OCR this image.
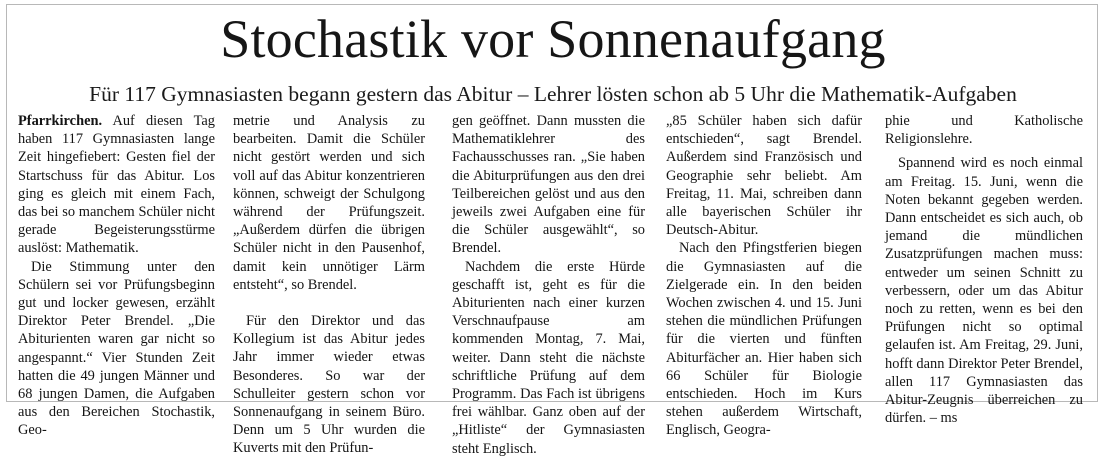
Stochastik vor Sonnenaufgang
Für 117 Gymnasiasten begann gestern das Abitur – Lehrer lösten schon ab 5 Uhr die Mathematik-Aufgaben

Pfarrkirchen. Auf diesen Tag haben 117 Gymnasiasten lange Zeit hingefiebert: Gesten fiel der Startschuss für das Abitur. Los ging es gleich mit einem Fach, das bei so manchem Schüler nicht gerade Begeisterungsstürme auslöst: Mathematik.

Die Stimmung unter den Schülern sei vor Prüfungsbeginn gut und locker gewesen, erzählt Direktor Peter Brendel. „Die Abiturienten waren gar nicht so angespannt.“ Vier Stunden Zeit hatten die 49 jungen Männer und 68 jungen Damen, die Aufgaben aus den Bereichen Stochastik, Geo-

metrie und Analysis zu bearbeiten. Damit die Schüler nicht gestört werden und sich voll auf das Abitur konzentrieren können, schweigt der Schulgong während der Prüfungszeit. „Außerdem dürfen die übrigen Schüler nicht in den Pausenhof, damit kein unnötiger Lärm entsteht“, so Brendel.

Für den Direktor und das Kollegium ist das Abitur jedes Jahr immer wieder etwas Besonderes. So war der Schulleiter gestern schon vor Sonnenaufgang in seinem Büro. Denn um 5 Uhr wurden die Kuverts mit den Prüfun-

gen geöffnet. Dann mussten die Mathematiklehrer des Fachausschusses ran. „Sie haben die Abiturprüfungen aus den drei Teilbereichen gelöst und aus den jeweils zwei Aufgaben eine für die Schüler ausgewählt“, so Brendel.

Nachdem die erste Hürde geschafft ist, geht es für die Abiturienten nach einer kurzen Verschnaufpause am kommenden Montag, 7. Mai, weiter. Dann steht die nächste schriftliche Prüfung auf dem Programm. Das Fach ist übrigens frei wählbar. Ganz oben auf der „Hitliste“ der Gymnasiasten steht Englisch.

„85 Schüler haben sich dafür entschieden“, sagt Brendel. Außerdem sind Französisch und Geographie sehr beliebt. Am Freitag, 11. Mai, schreiben dann alle bayerischen Schüler ihr Deutsch-Abitur.

Nach den Pfingstferien biegen die Gymnasiasten auf die Zielgerade ein. In den beiden Wochen zwischen 4. und 15. Juni stehen die mündlichen Prüfungen für die vierten und fünften Abiturfächer an. Hier haben sich 66 Schüler für Biologie entschieden. Hoch im Kurs stehen außerdem Wirtschaft, Englisch, Geogra-

phie und Katholische Religionslehre.

Spannend wird es noch einmal am Freitag. 15. Juni, wenn die Noten bekannt gegeben werden. Dann entscheidet es sich auch, ob jemand die mündlichen Zusatzprüfungen machen muss: entweder um seinen Schnitt zu verbessern, oder um das Abitur noch zu retten, wenn es bei den Prüfungen nicht so optimal gelaufen ist. Am Freitag, 29. Juni, hofft dann Direktor Peter Brendel, allen 117 Gymnasiasten das Abitur-Zeugnis überreichen zu dürfen. – ms
